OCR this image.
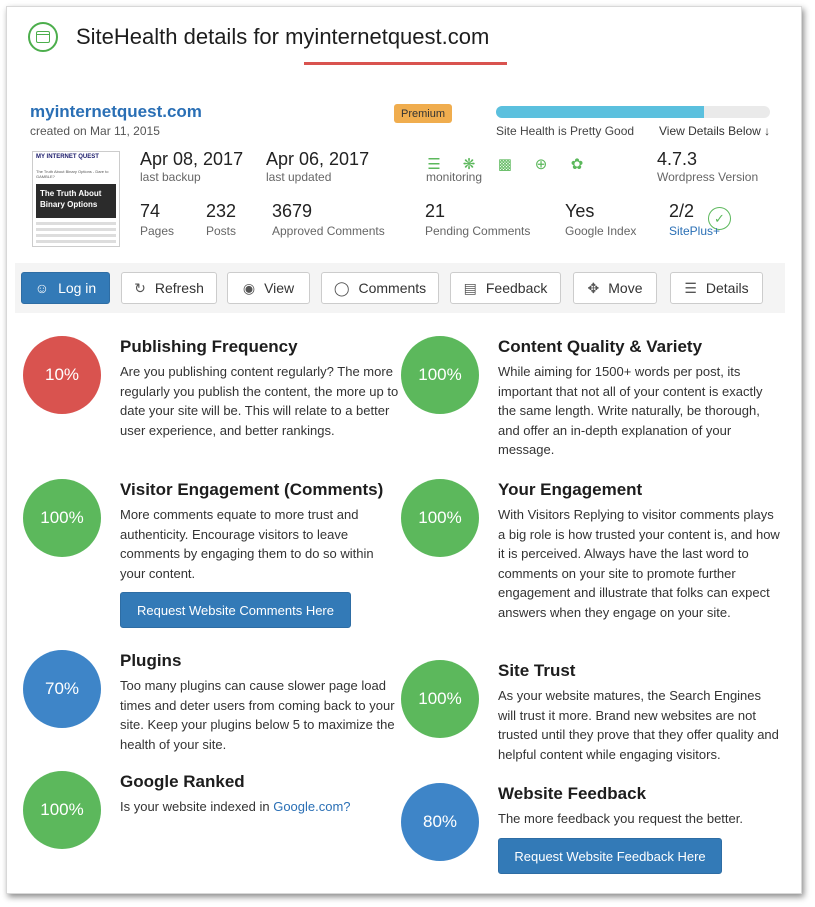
SiteHealth details for myinternetquest.com
myinternetquest.com
created on Mar 11, 2015
Premium
Site Health is Pretty Good View Details Below ↓
MY INTERNET QUEST
The Truth About Binary Options - Dare to GAMBLE?
The Truth About Binary Options
Apr 08, 2017
last backup
Apr 06, 2017
last updated
☰ ❋ ▩ ⊕ ✿
monitoring
4.7.3
Wordpress Version
74
Pages
232
Posts
3679
Approved Comments
21
Pending Comments
Yes
Google Index
2/2	✓
SitePlus+
☺ Log in	↻ Refresh	◉ View	◯ Comments	▤ Feedback	✥ Move	☰ Details
10%
Publishing Frequency
Are you publishing content regularly? The more regularly you publish the content, the more up to date your site will be. This will relate to a better user experience, and better rankings.
100%
Visitor Engagement (Comments)
More comments equate to more trust and authenticity. Encourage visitors to leave comments by engaging them to do so within your content.
Request Website Comments Here
70%
Plugins
Too many plugins can cause slower page load times and deter users from coming back to your site. Keep your plugins below 5 to maximize the health of your site.
100%
Google Ranked
Is your website indexed in Google.com?
100%
Content Quality & Variety
While aiming for 1500+ words per post, its important that not all of your content is exactly the same length. Write naturally, be thorough, and offer an in-depth explanation of your message.
100%
Your Engagement
With Visitors Replying to visitor comments plays a big role is how trusted your content is, and how it is perceived. Always have the last word to comments on your site to promote further engagement and illustrate that folks can expect answers when they engage on your site.
100%
Site Trust
As your website matures, the Search Engines will trust it more. Brand new websites are not trusted until they prove that they offer quality and helpful content while engaging visitors.
80%
Website Feedback
The more feedback you request the better.
Request Website Feedback Here
